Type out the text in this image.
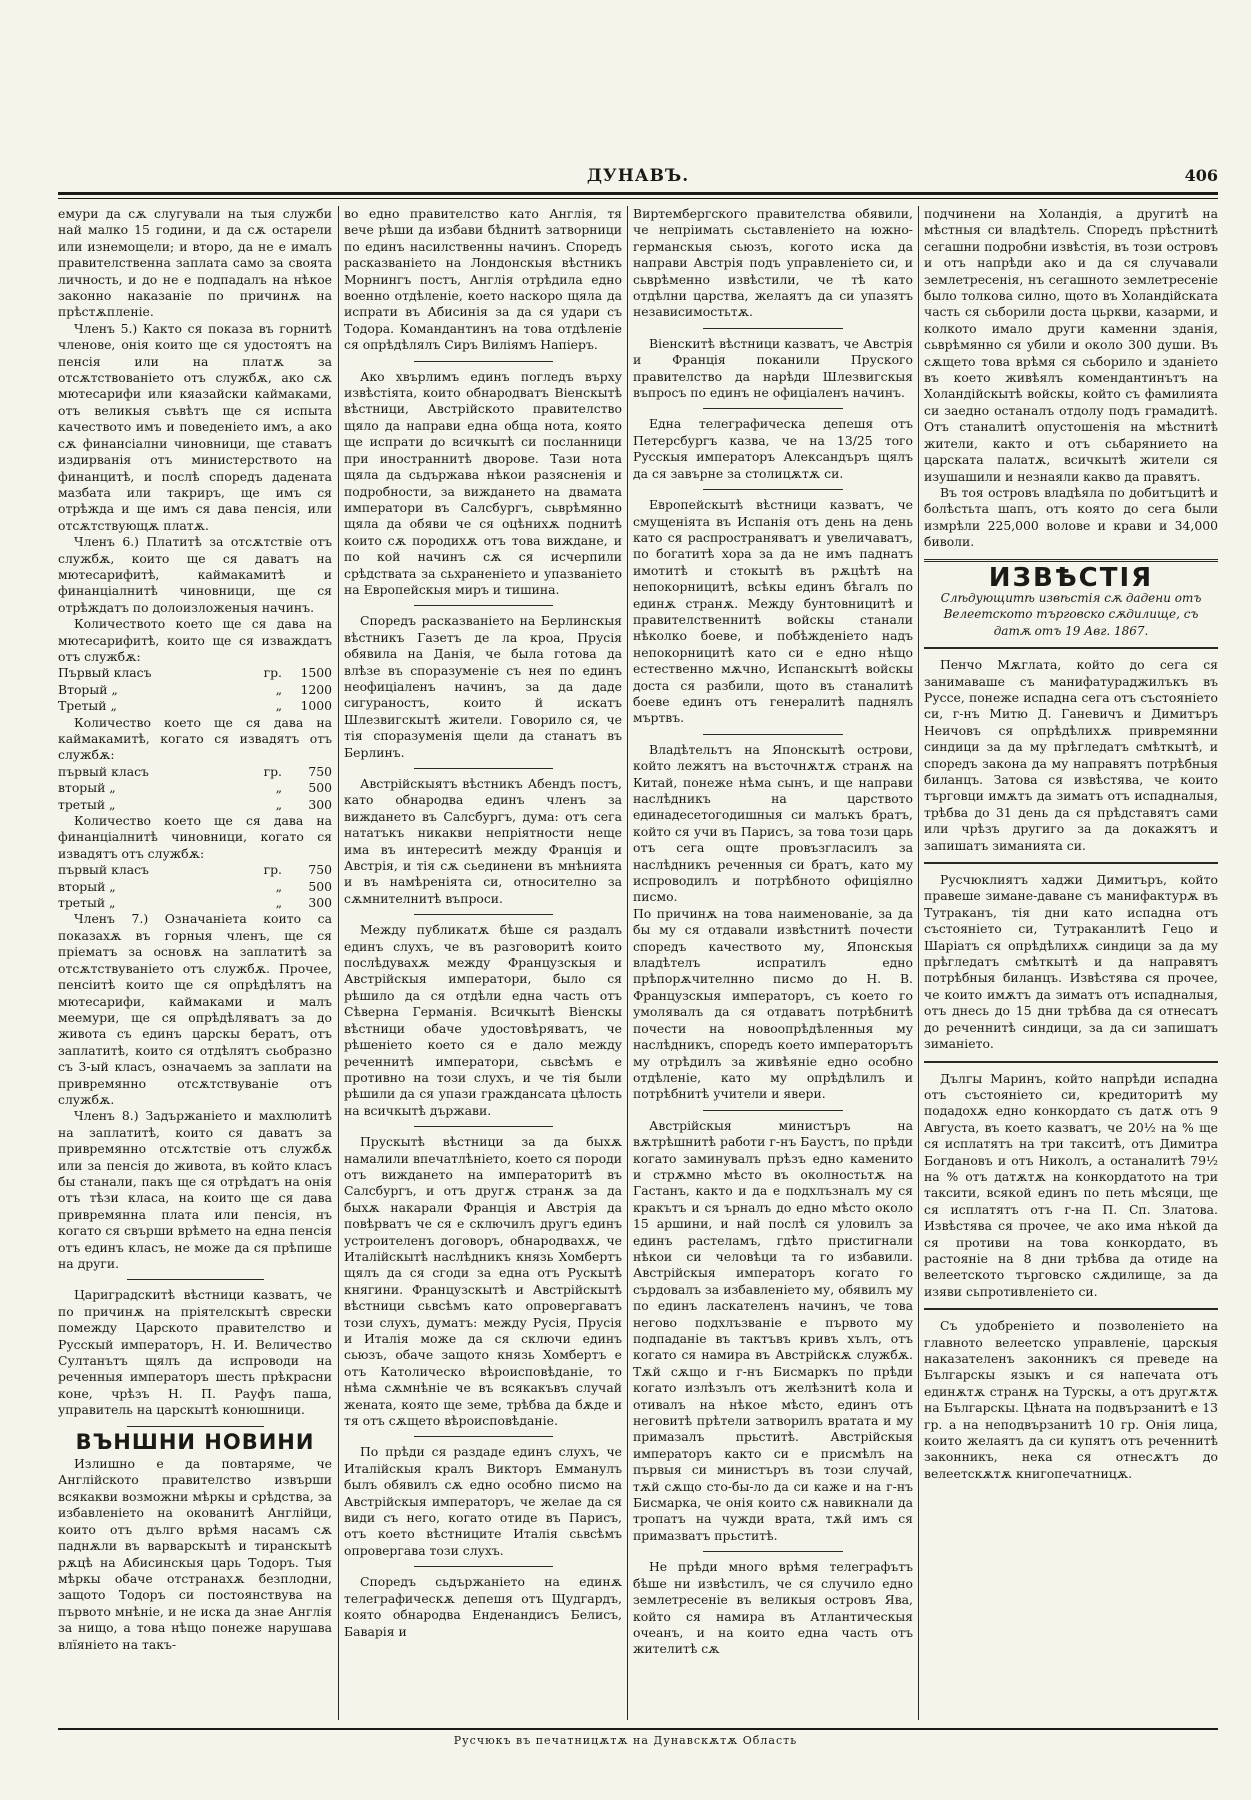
ДУНАВЪ.	406

емури да сѫ слугували на тыя служби най малко 15 години, и да сѫ остарели или изнемощели; и второ, да не е ималъ правителственна заплата само за своята личность, и до не е подпадалъ на нѣкое законно наказаніе по причинѫ на прѣстѫпленіе.

Членъ 5.) Както ся показа въ горнитѣ членове, онія които ще ся удостоятъ на пенсія или на платѫ за отсѫтствованіето отъ службѫ, ако сѫ мютесарифи или кяазайски каймаками, отъ великыя съвѣтъ ще ся испыта качеството имъ и поведеніето имъ, а ако сѫ финансіални чиновници, ще ставатъ издирванія отъ министерството на финанцитѣ, и послѣ споредъ дадената мазбата или такриръ, ще имъ ся отрѣжда и ще имъ ся дава пенсія, или отсѫтствующѫ платѫ.

Членъ 6.) Платитѣ за отсѫтствіе отъ службѫ, които ще ся даватъ на мютесарифитѣ, каймакамитѣ и финанціалнитѣ чиновници, ще ся отрѣждатъ по долоизложеныя начинъ.

Количеството което ще ся дава на мютесарифитѣ, които ще ся изваждатъ отъ службѫ:

Първый класъ	гр.	1500
Вторый „	„	1200
Третый „	„	1000

Количество което ще ся дава на каймакамитѣ, когато ся извадятъ отъ службѫ:

първый класъ	гр.	750
вторый „	„	500
третый „	„	300

Количество което ще ся дава на финанціалнитѣ чиновници, когато ся извадятъ отъ службѫ:

първый класъ	гр.	750
вторый „	„	500
третый „	„	300

Членъ 7.) Означаніета които са показахѫ въ горныя членъ, ще ся пріематъ за основѫ на заплатитѣ за отсѫтствуваніето отъ службѫ. Прочее, пенсіитѣ които ще ся опрѣдѣлятъ на мютесарифи, каймаками и малъ меемури, ще ся опрѣдѣляватъ за до живота съ единъ царскы бератъ, отъ заплатитѣ, които ся отдѣлятъ сьобразно съ 3-ый класъ, означаемъ за заплати на привремянно отсѫтствуваніе отъ службѫ.

Членъ 8.) Задържаніето и махлюлитѣ на заплатитѣ, които ся даватъ за привремянно отсѫтствіе отъ службѫ или за пенсія до живота, въ който класъ бы станали, пакъ ще ся отрѣдатъ на онія отъ тѣзи класа, на които ще ся дава привремянна плата или пенсія, нъ когато ся свърши врѣмето на една пенсія отъ единъ класъ, не може да ся прѣпише на други.

Цариградскитѣ вѣстници казватъ, че по причинѫ на пріятелскытѣ сврески помежду Царското правителство и Русскый императоръ, Н. И. Величество Султанътъ щялъ да испроводи на реченныя императоръ шесть прѣкрасни коне, чрѣзъ Н. П. Рауфъ паша, управитель на царскытѣ конюшници.

ВЪНШНИ НОВИНИ

Излишно е да повтаряме, че Англійското правителство извърши всякакви возможни мѣркы и срѣдства, за избавленіето на окованитѣ Англійци, които отъ дълго врѣмя насамъ сѫ паднѫли въ варварскытѣ и тиранскытѣ рѫцѣ на Абисинскыя царь Тодоръ. Тыя мѣркы обаче отстранахѫ безплодни, защото Тодоръ си постоянствува на първото мнѣніе, и не иска да знае Англія за нищо, а това нѣщо понеже нарушава влїяніето на такъ-

во едно правителство като Англія, тя вече рѣши да избави бѣднитѣ затворници по единъ насилственны начинъ. Споредъ расказваніето на Лондонскыя вѣстникъ Морнингъ постъ, Англія отрѣдила едно военно отдѣленіе, което наскоро щяла да испрати въ Абисинія за да ся удари съ Тодора. Командантинъ на това отдѣленіе ся опрѣдѣлялъ Сиръ Виліямъ Напіеръ.

Ако хвърлимъ единъ погледъ върху извѣстіята, които обнародватъ Віенскытѣ вѣстници, Австрійското правителство щяло да направи една обща нота, която ще испрати до всичкытѣ си посланници при иностраннитѣ дворове. Тази нота щяла да сьдържава нѣкои разясненія и подробности, за виждането на двамата императори въ Салсбургъ, сьврѣмянно щяла да обяви че ся оцѣнихѫ поднитѣ които сѫ породихѫ отъ това виждане, и по кой начинъ сѫ ся исчерпили срѣдствата за сьхраненіето и упазваніето на Европейскыя миръ и тишина.

Споредъ расказваніето на Берлинскыя вѣстникъ Газетъ де ла кроа, Прусія обявила на Данія, че была готова да влѣзе въ споразуменіе съ нея по единъ неофиціаленъ начинъ, за да даде сигураностъ, които й искатъ Шлезвигскытѣ жители. Говорило ся, че тія споразуменія щели да станатъ въ Берлинъ.

Австрійскыятъ вѣстникъ Абендъ постъ, като обнародва единъ членъ за виждането въ Салсбургъ, дума: отъ сега нататъкъ никакви непріятности неще има въ интереситѣ между Франція и Австрія, и тія сѫ сьединени въ мнѣнията и въ намѣреніята си, относително за сѫмнителнитѣ въпроси.

Между публикатѫ бѣше ся раздалъ единъ слухъ, че въ разговоритѣ които послѣдувахѫ между Французскыя и Австрійскыя императори, было ся рѣшило да ся отдѣли една часть отъ Сѣверна Германія. Всичкытѣ Віенскы вѣстници обаче удостовѣряватъ, че рѣшеніето което ся е дало между реченнитѣ императори, сьвсѣмъ е противно на този слухъ, и че тія были рѣшили да ся упази граждансата цѣлость на всичкытѣ държави.

Прускытѣ вѣстници за да быхѫ намалили впечатлѣніето, което ся породи отъ виждането на императоритѣ въ Салсбургъ, и отъ другѫ странѫ за да быхѫ накарали Франція и Австрія да повѣрватъ че ся е сключилъ другъ единъ устроителенъ договоръ, обнародвахѫ, че Италійскытѣ наслѣдникъ князь Хомбертъ щялъ да ся сгоди за една отъ Рускытѣ княгини. Французскытѣ и Австрійскытѣ вѣстници сьвсѣмъ като опровергаватъ този слухъ, думатъ: между Русія, Прусія и Италія може да ся сключи единъ сьюзъ, обаче защото князь Хомбертъ е отъ Католическо вѣроисповѣданіе, то нѣма сѫмнѣніе че въ всякакъвъ случай жената, която ще земе, трѣбва да бѫде и тя отъ сѫщето вѣроисповѣданіе.

По прѣди ся раздаде единъ слухъ, че Италійскыя кралъ Викторъ Емманулъ былъ обявилъ сѫ едно особно писмо на Австрійскыя императоръ, че желае да ся види съ него, когато отиде въ Парисъ, отъ което вѣстниците Италія сьвсѣмъ опровергава този слухъ.

Споредъ сьдържаніето на единѫ телеграфическѫ депешя отъ Щудгардъ, която обнародва Енденандисъ Белисъ, Баварія и

Виртембергского правителства обявили, че непріимать сьставленіето на южно-германскыя сьюзъ, когото иска да направи Австрія подъ управленіето си, и сьврѣменно извѣстили, че тѣ като отдѣлни царства, желаятъ да си упазятъ независимостьтѫ.

Віенскитѣ вѣстници казватъ, че Австрія и Франція поканили Пруского правителство да нарѣди Шлезвигскыя въпросъ по единъ не офиціаленъ начинъ.

Една телеграфическа депешя отъ Петерсбургъ казва, че на 13/25 того Русскыя императоръ Александъръ щялъ да ся завърне за столицѫтѫ си.

Европейскытѣ вѣстници казватъ, че смущеніята въ Испанія отъ день на день като ся распространяватъ и увеличаватъ, по богатитѣ хора за да не имъ паднатъ имотитѣ и стокытѣ въ рѫцѣтѣ на непокорницитѣ, всѣкы единъ бѣгалъ по единѫ странѫ. Между бунтовницитѣ и правителственнитѣ войскы станали нѣколко боеве, и побѣжденіето надъ непокорницитѣ като си е едно нѣщо естественно мѫчно, Испанскытѣ войскы доста ся разбили, щото въ станалитѣ боеве единъ отъ генералитѣ паднялъ мъртвъ.

Владѣтельтъ на Японскытѣ острови, който лежятъ на въсточнѫтѫ странѫ на Китай, понеже нѣма сынъ, и ще направи наслѣдникъ на царството единадесетогодишныя си малъкъ братъ, който ся учи въ Парисъ, за това този царь отъ сега ощте провъзгласилъ за наслѣдникъ реченныя си братъ, като му испроводилъ и потрѣбното офиціялно писмо.

По причинѫ на това наименованіе, за да бы му ся отдавали извѣстнитѣ почести споредъ качеството му, Японскыя владѣтелъ испратилъ едно прѣпорѫчителнно писмо до Н. В. Французскыя императоръ, съ което го умолявалъ да ся отдаватъ потрѣбнитѣ почести на новоопрѣдѣленныя му наслѣдникъ, споредъ което императорътъ му отрѣдилъ за живѣяніе едно особно отдѣленіе, като му опрѣдѣлилъ и потрѣбнитѣ учители и явери.

Австрійскыя министъръ на вѫтрѣшнитѣ работи г-нъ Баустъ, по прѣди когато заминувалъ прѣзъ едно каменито и стрѫмно мѣсто въ околностьтѫ на Гастанъ, както и да е подхлъзналъ му ся кракътъ и ся ърналъ до едно мѣсто около 15 аршини, и най послѣ ся уловилъ за единъ растеламъ, гдѣто пристигнали нѣкои си человѣци та го избавили. Австрійскыя императоръ когато го сърдовалъ за избавленіето му, обявилъ му по единъ ласкателенъ начинъ, че това негово подхлъзваніе е първото му подпаданіе въ тактъвъ кривъ хълъ, отъ когато ся намира въ Австрійскѫ службѫ. Тѫй сѫщо и г-нъ Бисмаркъ по прѣди когато излѣзълъ отъ желѣзнитѣ кола и отивалъ на нѣкое мѣсто, единъ отъ неговитѣ прѣтели затворилъ вратата и му примазалъ прьститѣ. Австрійскыя императоръ както си е присмѣлъ на първыя си министъръ въ този случай, тѫй сѫщо сто-бы-ло да си каже и на г-нъ Бисмарка, че онія които сѫ навикнали да тропатъ на чужди врата, тѫй имъ ся примазватъ прьститѣ.

Не прѣди много врѣмя телеграфътъ бѣше ни извѣстилъ, че ся случило едно землетресеніе въ великыя островъ Ява, който ся намира въ Атлантическыя очеанъ, и на които една часть отъ жителитѣ сѫ

подчинени на Холандія, а другитѣ на мѣстныя си владѣтель. Споредъ прѣстнитѣ сегашни подробни извѣстія, въ този островъ и отъ напрѣди ако и да ся случавали землетресенія, нъ сегашното землетресеніе было толкова силно, щото въ Холандійската часть ся сьборили доста цьркви, казарми, и колкото имало други каменни зданія, сьврѣмянно ся убили и около 300 души. Въ сѫщето това врѣмя ся сьборило и зданіето въ което живѣялъ комендантинътъ на Холандійскытѣ войскы, който съ фамилията си заедно останалъ отдолу подъ грамадитѣ. Отъ станалитѣ опустошенія на мѣстнитѣ жители, както и отъ сьбарянието на царската палатѫ, всичкытѣ жители ся изушашили и незнаяли какво да правятъ.

Въ тоя островъ владѣяла по добитъцитѣ и болѣстьта шапъ, отъ която до сега были измрѣли 225,000 волове и крави и 34,000 биволи.

ИЗВѢСТІЯ
Слѣдующитѣ извѣстія сѫ дадени отъ Велеетското търговско сѫдилище, съ датѫ отъ 19 Авг. 1867.

Пенчо Мѫглата, който до сега ся занимаваше съ манифатураджилъкъ въ Руссе, понеже испадна сега отъ състояніето си, г-нъ Митю Д. Ганевичъ и Димитъръ Неичовъ ся опрѣдѣлихѫ привремянни синдици за да му прѣгледатъ смѣткытѣ, и споредъ закона да му направятъ потрѣбныя биланцъ. Затова ся извѣстява, че които търговци имѫтъ да зиматъ отъ испадналыя, трѣбва до 31 день да ся прѣдставятъ сами или чрѣзъ другиго за да докажятъ и запишатъ зиманията си.

Русчюклиятъ хаджи Димитъръ, който правеше зимане-даване съ манифактурѫ въ Тутраканъ, тія дни като испадна отъ състояніето си, Тутраканлитѣ Гецо и Шаріатъ ся опрѣдѣлихѫ синдици за да му прѣгледатъ смѣткытѣ и да направятъ потрѣбныя биланцъ. Извѣстява ся прочее, че които имѫтъ да зиматъ отъ испадналыя, отъ днесь до 15 дни трѣбва да ся отнесатъ до реченнитѣ синдици, за да си запишатъ зиманіето.

Дългы Маринъ, който напрѣди испадна отъ състояніето си, кредиторитѣ му подадохѫ едно конкордато съ датѫ отъ 9 Августа, въ което казватъ, че 20½ на % ще ся исплатятъ на три такситѣ, отъ Димитра Богдановъ и отъ Николъ, а останалитѣ 79½ на % отъ датѫтѫ на конкордатото на три таксити, всякой единъ по петь мѣсяци, ще ся исплатятъ отъ г-на П. Сп. Златова. Извѣстява ся прочее, че ако има нѣкой да ся противи на това конкордато, въ растояніе на 8 дни трѣбва да отиде на велеетското търговско сѫдилище, за да изяви сьпротивленіето си.

Съ удобреніето и позволеніето на главното велеетско управленіе, царскыя наказателенъ законникъ ся преведе на Българскы языкъ и ся напечата отъ единѫтѫ странѫ на Турскы, а отъ другѫтѫ на Българскы. Цѣната на подвързанитѣ е 13 гр. а на неподвързанитѣ 10 гр. Онія лица, които желаятъ да си купятъ отъ реченнитѣ законникъ, нека ся отнесѫтъ до велеетскѫтѫ книгопечатницѫ.

Русчюкъ въ печатницѫтѫ на Дунавскѫтѫ Область
